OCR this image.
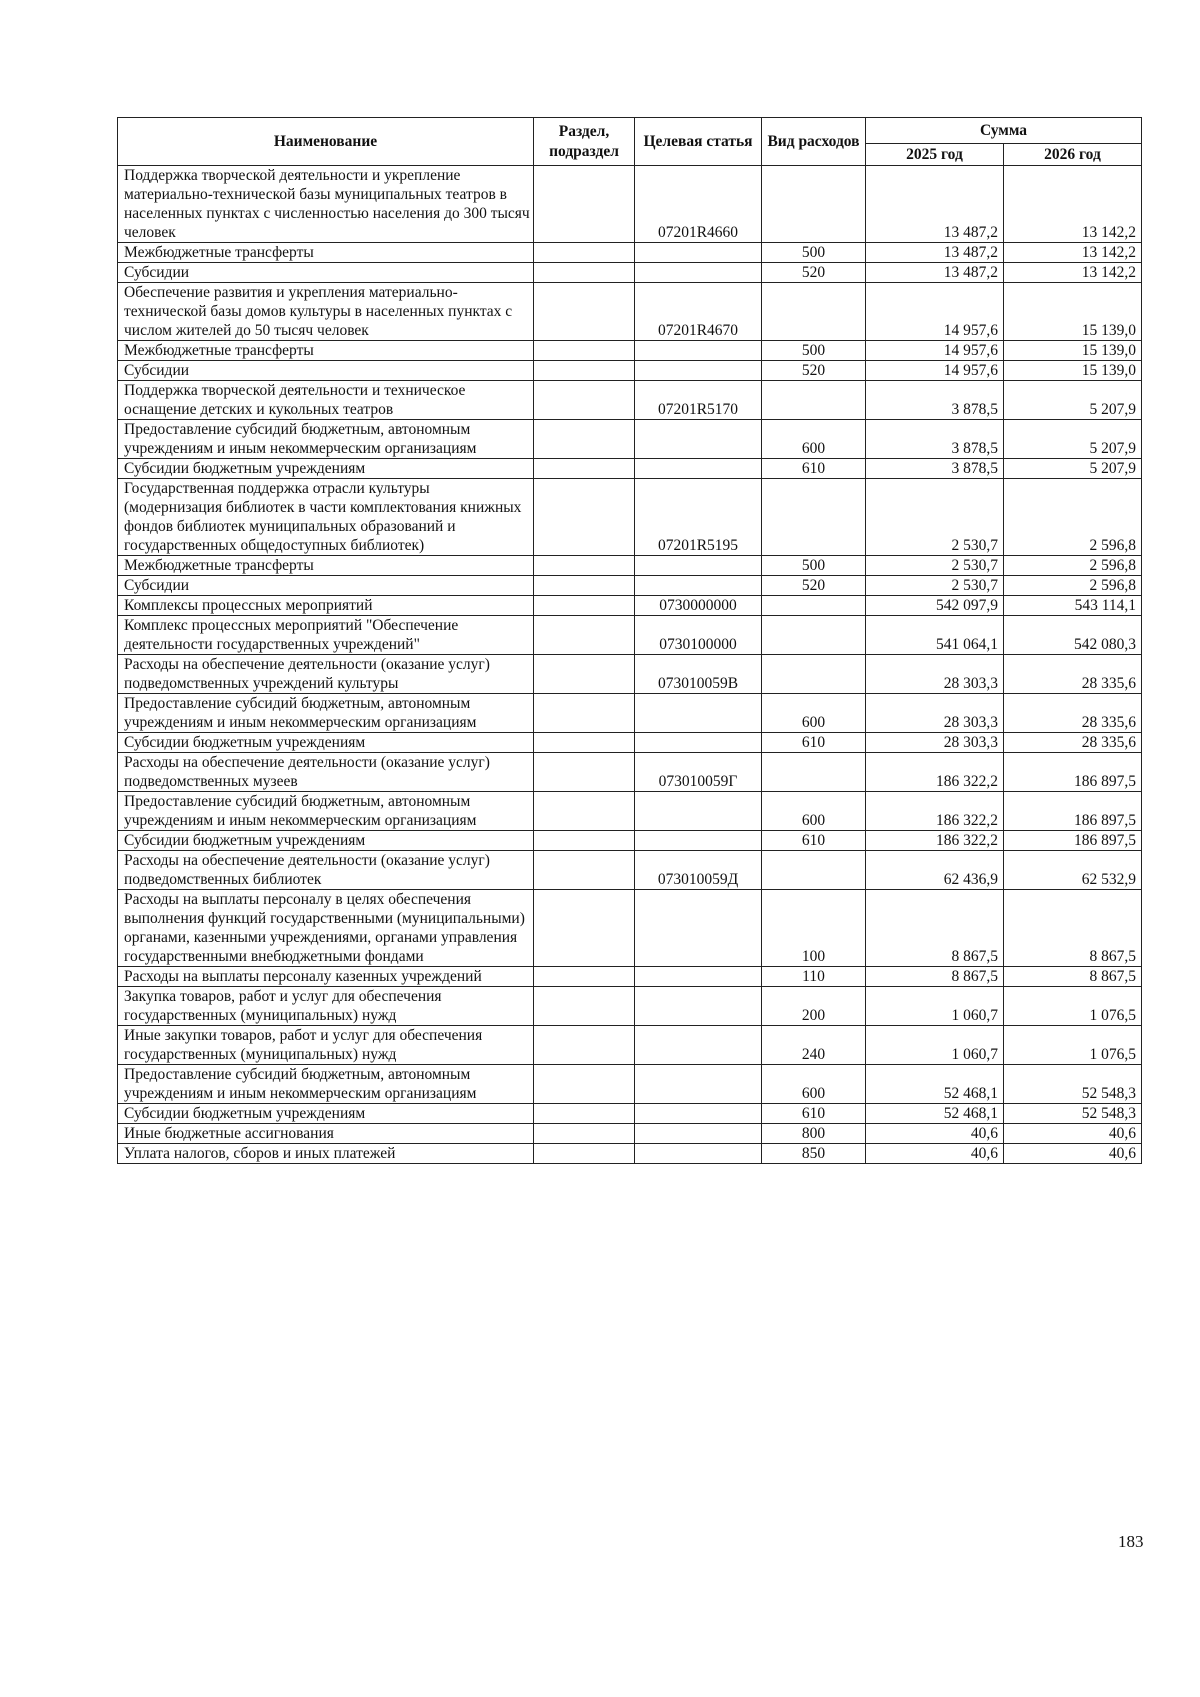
Наименование	Раздел, подраздел	Целевая статья	Вид расходов	Сумма	
				2025 год	2026 год
Поддержка творческой деятельности и укрепление материально-технической базы муниципальных театров в населенных пунктах с численностью населения до 300 тысяч человек		07201R4660		13 487,2	13 142,2
Межбюджетные трансферты			500	13 487,2	13 142,2
Субсидии			520	13 487,2	13 142,2
Обеспечение развития и укрепления материально-технической базы домов культуры в населенных пунктах с числом жителей до 50 тысяч человек		07201R4670		14 957,6	15 139,0
Межбюджетные трансферты			500	14 957,6	15 139,0
Субсидии			520	14 957,6	15 139,0
Поддержка творческой деятельности и техническое оснащение детских и кукольных театров		07201R5170		3 878,5	5 207,9
Предоставление субсидий бюджетным, автономным учреждениям и иным некоммерческим организациям			600	3 878,5	5 207,9
Субсидии бюджетным учреждениям			610	3 878,5	5 207,9
Государственная поддержка отрасли культуры (модернизация библиотек в части комплектования книжных фондов библиотек муниципальных образований и государственных общедоступных библиотек)		07201R5195		2 530,7	2 596,8
Межбюджетные трансферты			500	2 530,7	2 596,8
Субсидии			520	2 530,7	2 596,8
Комплексы процессных мероприятий		0730000000		542 097,9	543 114,1
Комплекс процессных мероприятий "Обеспечение деятельности государственных учреждений"		0730100000		541 064,1	542 080,3
Расходы на обеспечение деятельности (оказание услуг) подведомственных учреждений культуры		073010059B		28 303,3	28 335,6
Предоставление субсидий бюджетным, автономным учреждениям и иным некоммерческим организациям			600	28 303,3	28 335,6
Субсидии бюджетным учреждениям			610	28 303,3	28 335,6
Расходы на обеспечение деятельности (оказание услуг) подведомственных музеев		073010059Г		186 322,2	186 897,5
Предоставление субсидий бюджетным, автономным учреждениям и иным некоммерческим организациям			600	186 322,2	186 897,5
Субсидии бюджетным учреждениям			610	186 322,2	186 897,5
Расходы на обеспечение деятельности (оказание услуг) подведомственных библиотек		073010059Д		62 436,9	62 532,9
Расходы на выплаты персоналу в целях обеспечения выполнения функций государственными (муниципальными) органами, казенными учреждениями, органами управления государственными внебюджетными фондами			100	8 867,5	8 867,5
Расходы на выплаты персоналу казенных учреждений			110	8 867,5	8 867,5
Закупка товаров, работ и услуг для обеспечения государственных (муниципальных) нужд			200	1 060,7	1 076,5
Иные закупки товаров, работ и услуг для обеспечения государственных (муниципальных) нужд			240	1 060,7	1 076,5
Предоставление субсидий бюджетным, автономным учреждениям и иным некоммерческим организациям			600	52 468,1	52 548,3
Субсидии бюджетным учреждениям			610	52 468,1	52 548,3
Иные бюджетные ассигнования			800	40,6	40,6
Уплата налогов, сборов и иных платежей			850	40,6	40,6
183
